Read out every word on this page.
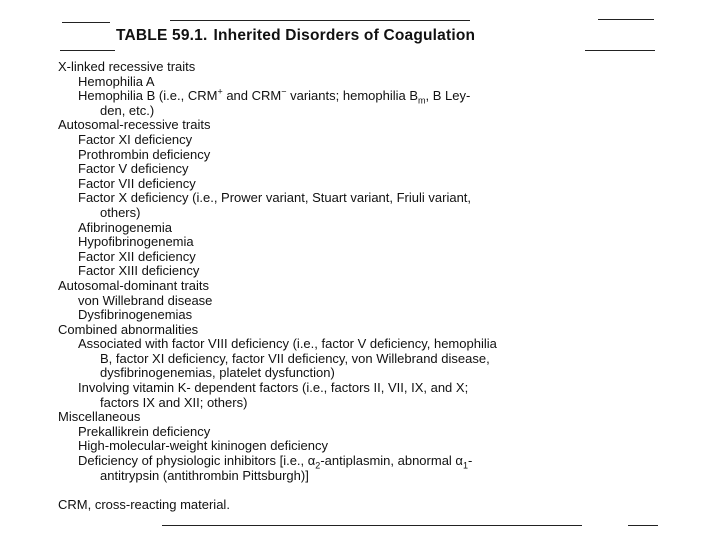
TABLE 59.1. Inherited Disorders of Coagulation
X-linked recessive traits
Hemophilia A
Hemophilia B (i.e., CRM+ and CRM− variants; hemophilia $B_m$, B Ley-
den, etc.)
Autosomal-recessive traits
Factor XI deficiency
Prothrombin deficiency
Factor V deficiency
Factor VII deficiency
Factor X deficiency (i.e., Prower variant, Stuart variant, Friuli variant,
others)
Afibrinogenemia
Hypofibrinogenemia
Factor XII deficiency
Factor XIII deficiency
Autosomal-dominant traits
von Willebrand disease
Dysfibrinogenemias
Combined abnormalities
Associated with factor VIII deficiency (i.e., factor V deficiency, hemophilia
B, factor XI deficiency, factor VII deficiency, von Willebrand disease,
dysfibrinogenemias, platelet dysfunction)
Involving vitamin K- dependent factors (i.e., factors II, VII, IX, and X;
factors IX and XII; others)
Miscellaneous
Prekallikrein deficiency
High-molecular-weight kininogen deficiency
Deficiency of physiologic inhibitors [i.e., $\alpha_2$-antiplasmin, abnormal $\alpha_1-$
antitrypsin (antithrombin Pittsburgh)]
CRM, cross-reacting material.
